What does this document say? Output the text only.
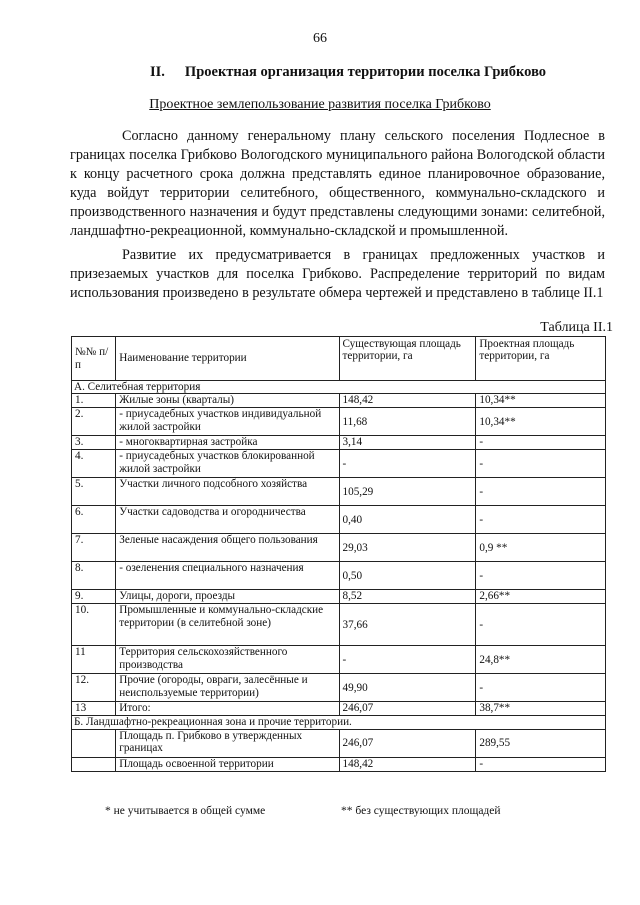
66
II. Проектная организация территории поселка Грибково
Проектное землепользование развития поселка Грибково
Согласно данному генеральному плану сельского поселения Подлесное в границах поселка Грибково Вологодского муниципального района Вологодской области к концу расчетного срока должна представлять единое планировочное образование, куда войдут территории селитебного, общественного, коммунально-складского и производственного назначения и будут представлены следующими зонами: селитебной, ландшафтно-рекреационной, коммунально-складской и промышленной.
Развитие их предусматривается в границах предложенных участков и призезаемых участков для поселка Грибково. Распределение территорий по видам использования произведено в результате обмера чертежей и представлено в таблице II.1
Таблица II.1
№№ п/п	Наименование территории	Существующая площадь территории, га	Проектная площадь территории, га
А. Селитебная территория			
1.	Жилые зоны (кварталы)	148,42	10,34**
2.	- приусадебных участков индивидуальной жилой застройки	11,68	10,34**
3.	- многоквартирная застройка	3,14	-
4.	- приусадебных участков блокированной жилой застройки	-	-
5.	Участки личного подсобного хозяйства	105,29	-
6.	Участки садоводства и огородничества	0,40	-
7.	Зеленые насаждения общего пользования	29,03	0,9 **
8.	- озеленения специального назначения	0,50	-
9.	Улицы, дороги, проезды	8,52	2,66**
10.	Промышленные и коммунально-складские территории (в селитебной зоне)	37,66	-
11	Территория сельскохозяйственного производства	-	24,8**
12.	Прочие (огороды, овраги, залесённые и неиспользуемые территории)	49,90	-
13	Итого:	246,07	38,7**
Б. Ландшафтно-рекреационная зона и прочие территории.			
	Площадь п. Грибково в утвержденных границах	246,07	289,55
	Площадь освоенной территории	148,42	-
* не учитывается в общей сумме	** без существующих площадей
